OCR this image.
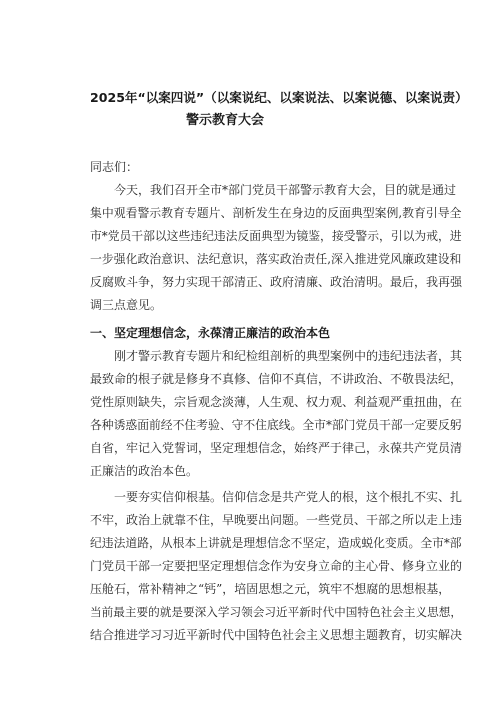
2025年“以案四说”（以案说纪、以案说法、以案说德、以案说责）
警示教育大会
同志们：
今天，我们召开全市*部门党员干部警示教育大会，目的就是通过
集中观看警示教育专题片、剖析发生在身边的反面典型案例,教育引导全
市*党员干部以这些违纪违法反面典型为镜鉴，接受警示，引以为戒，进
一步强化政治意识、法纪意识，落实政治责任,深入推进党风廉政建设和
反腐败斗争，努力实现干部清正、政府清廉、政治清明。最后，我再强
调三点意见。
一、坚定理想信念，永葆清正廉洁的政治本色
刚才警示教育专题片和纪检组剖析的典型案例中的违纪违法者，其
最致命的根子就是修身不真修、信仰不真信，不讲政治、不敬畏法纪，
党性原则缺失，宗旨观念淡薄，人生观、权力观、利益观严重扭曲，在
各种诱惑面前经不住考验、守不住底线。全市*部门党员干部一定要反躬
自省，牢记入党誓词，坚定理想信念，始终严于律己，永葆共产党员清
正廉洁的政治本色。
一要夯实信仰根基。信仰信念是共产党人的根，这个根扎不实、扎
不牢，政治上就靠不住，早晚要出问题。一些党员、干部之所以走上违
纪违法道路，从根本上讲就是理想信念不坚定，造成蜕化变质。全市*部
门党员干部一定要把坚定理想信念作为安身立命的主心骨、修身立业的
压舱石，常补精神之“钙”，培固思想之元，筑牢不想腐的思想根基，
当前最主要的就是要深入学习领会习近平新时代中国特色社会主义思想，
结合推进学习习近平新时代中国特色社会主义思想主题教育，切实解决
